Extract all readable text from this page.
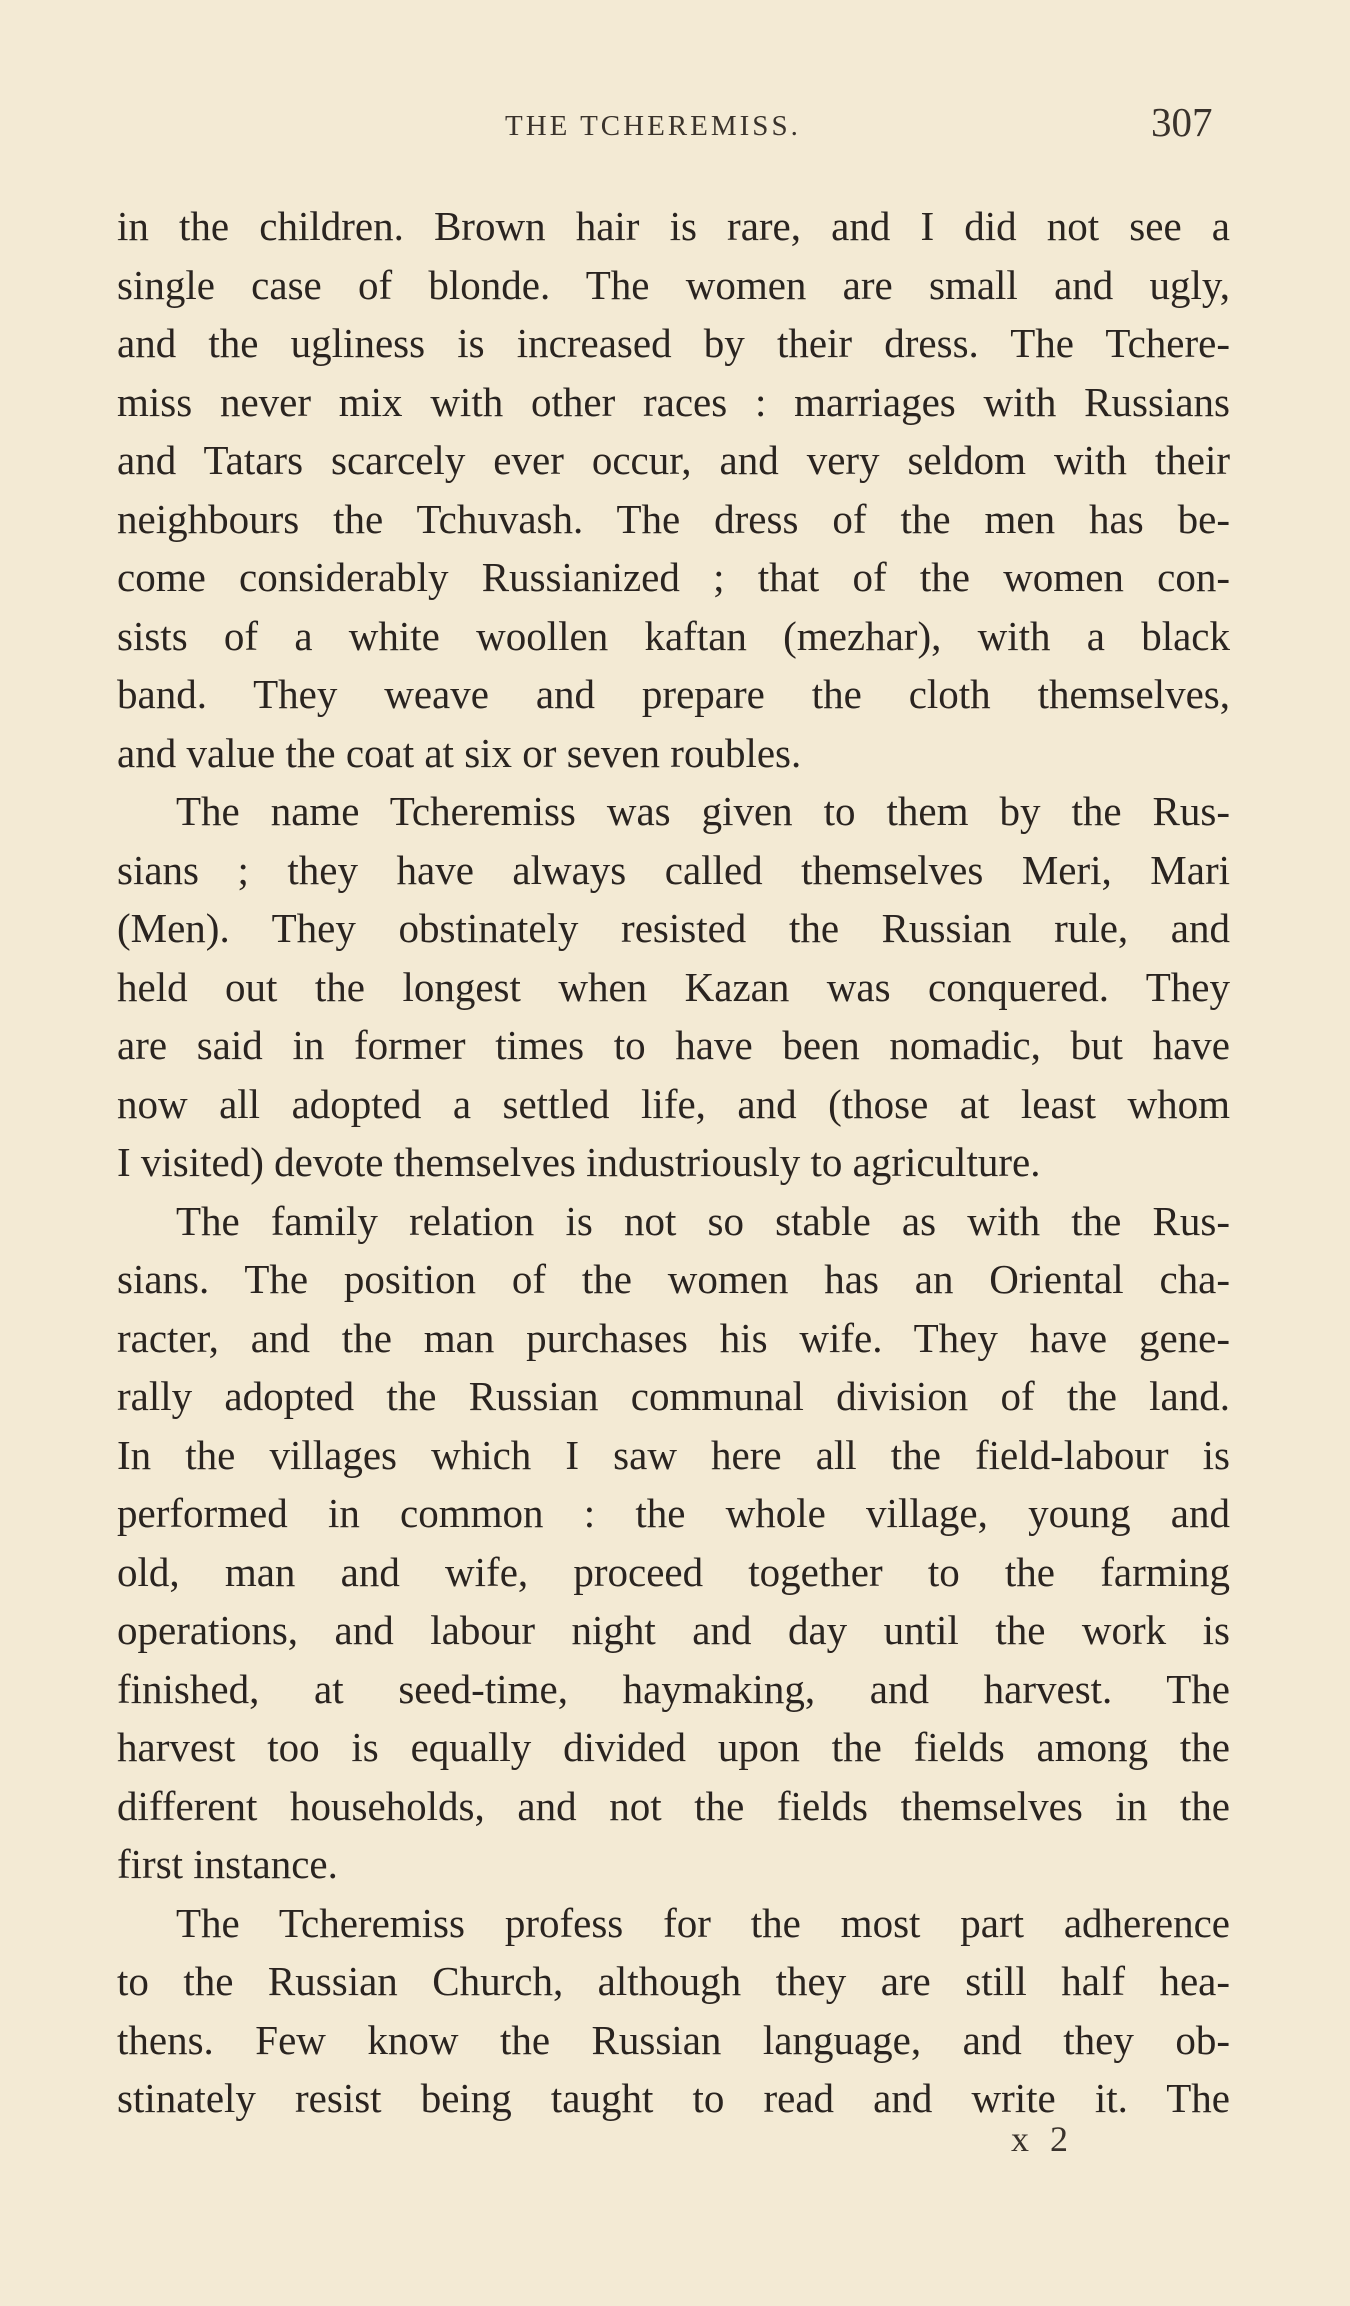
THE TCHEREMISS.	307
in the children. Brown hair is rare, and I did not see a
single case of blonde. The women are small and ugly,
and the ugliness is increased by their dress. The Tchere-
miss never mix with other races : marriages with Russians
and Tatars scarcely ever occur, and very seldom with their
neighbours the Tchuvash. The dress of the men has be-
come considerably Russianized ; that of the women con-
sists of a white woollen kaftan (mezhar), with a black
band. They weave and prepare the cloth themselves,
and value the coat at six or seven roubles.
The name Tcheremiss was given to them by the Rus-
sians ; they have always called themselves Meri, Mari
(Men). They obstinately resisted the Russian rule, and
held out the longest when Kazan was conquered. They
are said in former times to have been nomadic, but have
now all adopted a settled life, and (those at least whom
I visited) devote themselves industriously to agriculture.
The family relation is not so stable as with the Rus-
sians. The position of the women has an Oriental cha-
racter, and the man purchases his wife. They have gene-
rally adopted the Russian communal division of the land.
In the villages which I saw here all the field-labour is
performed in common : the whole village, young and
old, man and wife, proceed together to the farming
operations, and labour night and day until the work is
finished, at seed-time, haymaking, and harvest. The
harvest too is equally divided upon the fields among the
different households, and not the fields themselves in the
first instance.
The Tcheremiss profess for the most part adherence
to the Russian Church, although they are still half hea-
thens. Few know the Russian language, and they ob-
stinately resist being taught to read and write it. The
x 2
